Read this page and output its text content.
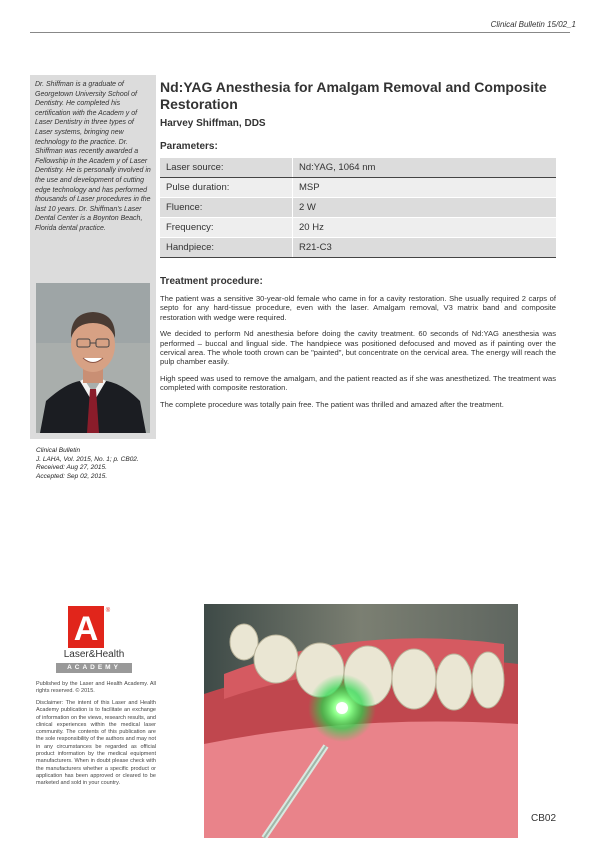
Clinical Bulletin 15/02_1
Dr. Shiffman is a graduate of Georgetown University School of Dentistry. He completed his certification with the Academ y of Laser Dentistry in three types of Laser systems, bringing new technology to the practice. Dr. Shiffman was recently awarded a Fellowship in the Academ y of Laser Dentistry. He is personally involved in the use and development of cutting edge technology and has performed thousands of Laser procedures in the last 10 years. Dr. Shiffman's Laser Dental Center is a Boynton Beach, Florida dental practice.
Clinical Bulletin
J. LAHA, Vol. 2015, No. 1; p. CB02.
Received: Aug 27, 2015.
Accepted: Sep 02, 2015.
A ®
Laser&Health
ACADEMY
Published by the Laser and Health Academy. All rights reserved. © 2015.
Disclaimer: The intent of this Laser and Health Academy publication is to facilitate an exchange of information on the views, research results, and clinical experiences within the medical laser community. The contents of this publication are the sole responsibility of the authors and may not in any circumstances be regarded as official product information by the medical equipment manufacturers. When in doubt please check with the manufacturers whether a specific product or application has been approved or cleared to be marketed and sold in your country.
Nd:YAG Anesthesia for Amalgam Removal and Composite Restoration
Harvey Shiffman, DDS
Parameters:
Laser source:	Nd:YAG, 1064 nm
Pulse duration:	MSP
Fluence:	2 W
Frequency:	20 Hz
Handpiece:	R21-C3
Treatment procedure:

The patient was a sensitive 30-year-old female who came in for a cavity restoration. She usually required 2 carps of septo for any hard-tissue procedure, even with the laser. Amalgam removal, V3 matrix band and composite restoration with wedge were required.

We decided to perform Nd anesthesia before doing the cavity treatment. 60 seconds of Nd:YAG anesthesia was performed – buccal and lingual side. The handpiece was positioned defocused and moved as if painting over the cervical area. The whole tooth crown can be "painted", but concentrate on the cervical area. The energy will reach the pulp chamber easily.

High speed was used to remove the amalgam, and the patient reacted as if she was anesthetized. The treatment was completed with composite restoration.

The complete procedure was totally pain free. The patient was thrilled and amazed after the treatment.

CB02
